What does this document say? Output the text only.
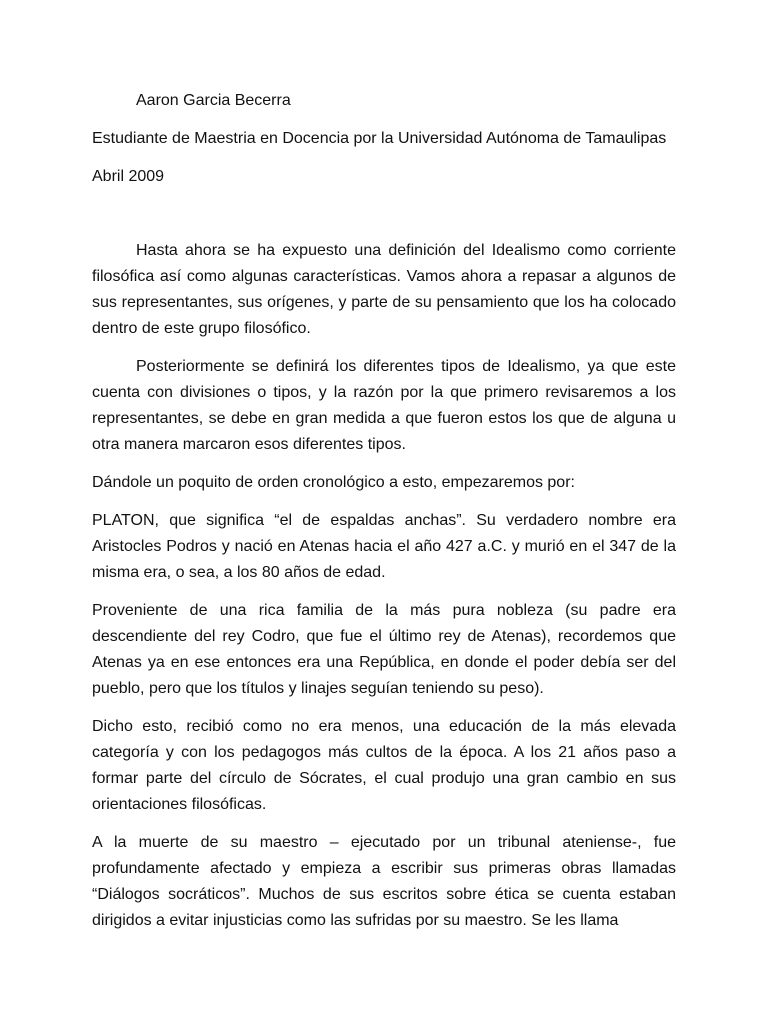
Aaron Garcia Becerra

Estudiante de Maestria en Docencia por la Universidad Autónoma de Tamaulipas

Abril 2009

Hasta ahora se ha expuesto una definición del Idealismo como corriente filosófica así como algunas características. Vamos ahora a repasar a algunos de sus representantes, sus orígenes, y parte de su pensamiento que los ha colocado dentro de este grupo filosófico.

Posteriormente se definirá los diferentes tipos de Idealismo, ya que este cuenta con divisiones o tipos, y la razón por la que primero revisaremos a los representantes, se debe en gran medida a que fueron estos los que de alguna u otra manera marcaron esos diferentes tipos.

Dándole un poquito de orden cronológico a esto, empezaremos por:

PLATON, que significa “el de espaldas anchas”. Su verdadero nombre era Aristocles Podros y nació en Atenas hacia el año 427 a.C. y murió en el 347 de la misma era, o sea, a los 80 años de edad.

Proveniente de una rica familia de la más pura nobleza (su padre era descendiente del rey Codro, que fue el último rey de Atenas), recordemos que Atenas ya en ese entonces era una República, en donde el poder debía ser del pueblo, pero que los títulos y linajes seguían teniendo su peso).

Dicho esto, recibió como no era menos, una educación de la más elevada categoría y con los pedagogos más cultos de la época. A los 21 años paso a formar parte del círculo de Sócrates, el cual produjo una gran cambio en sus orientaciones filosóficas.

A la muerte de su maestro – ejecutado por un tribunal ateniense-, fue profundamente afectado y empieza a escribir sus primeras obras llamadas “Diálogos socráticos”. Muchos de sus escritos sobre ética se cuenta estaban dirigidos a evitar injusticias como las sufridas por su maestro. Se les llama
